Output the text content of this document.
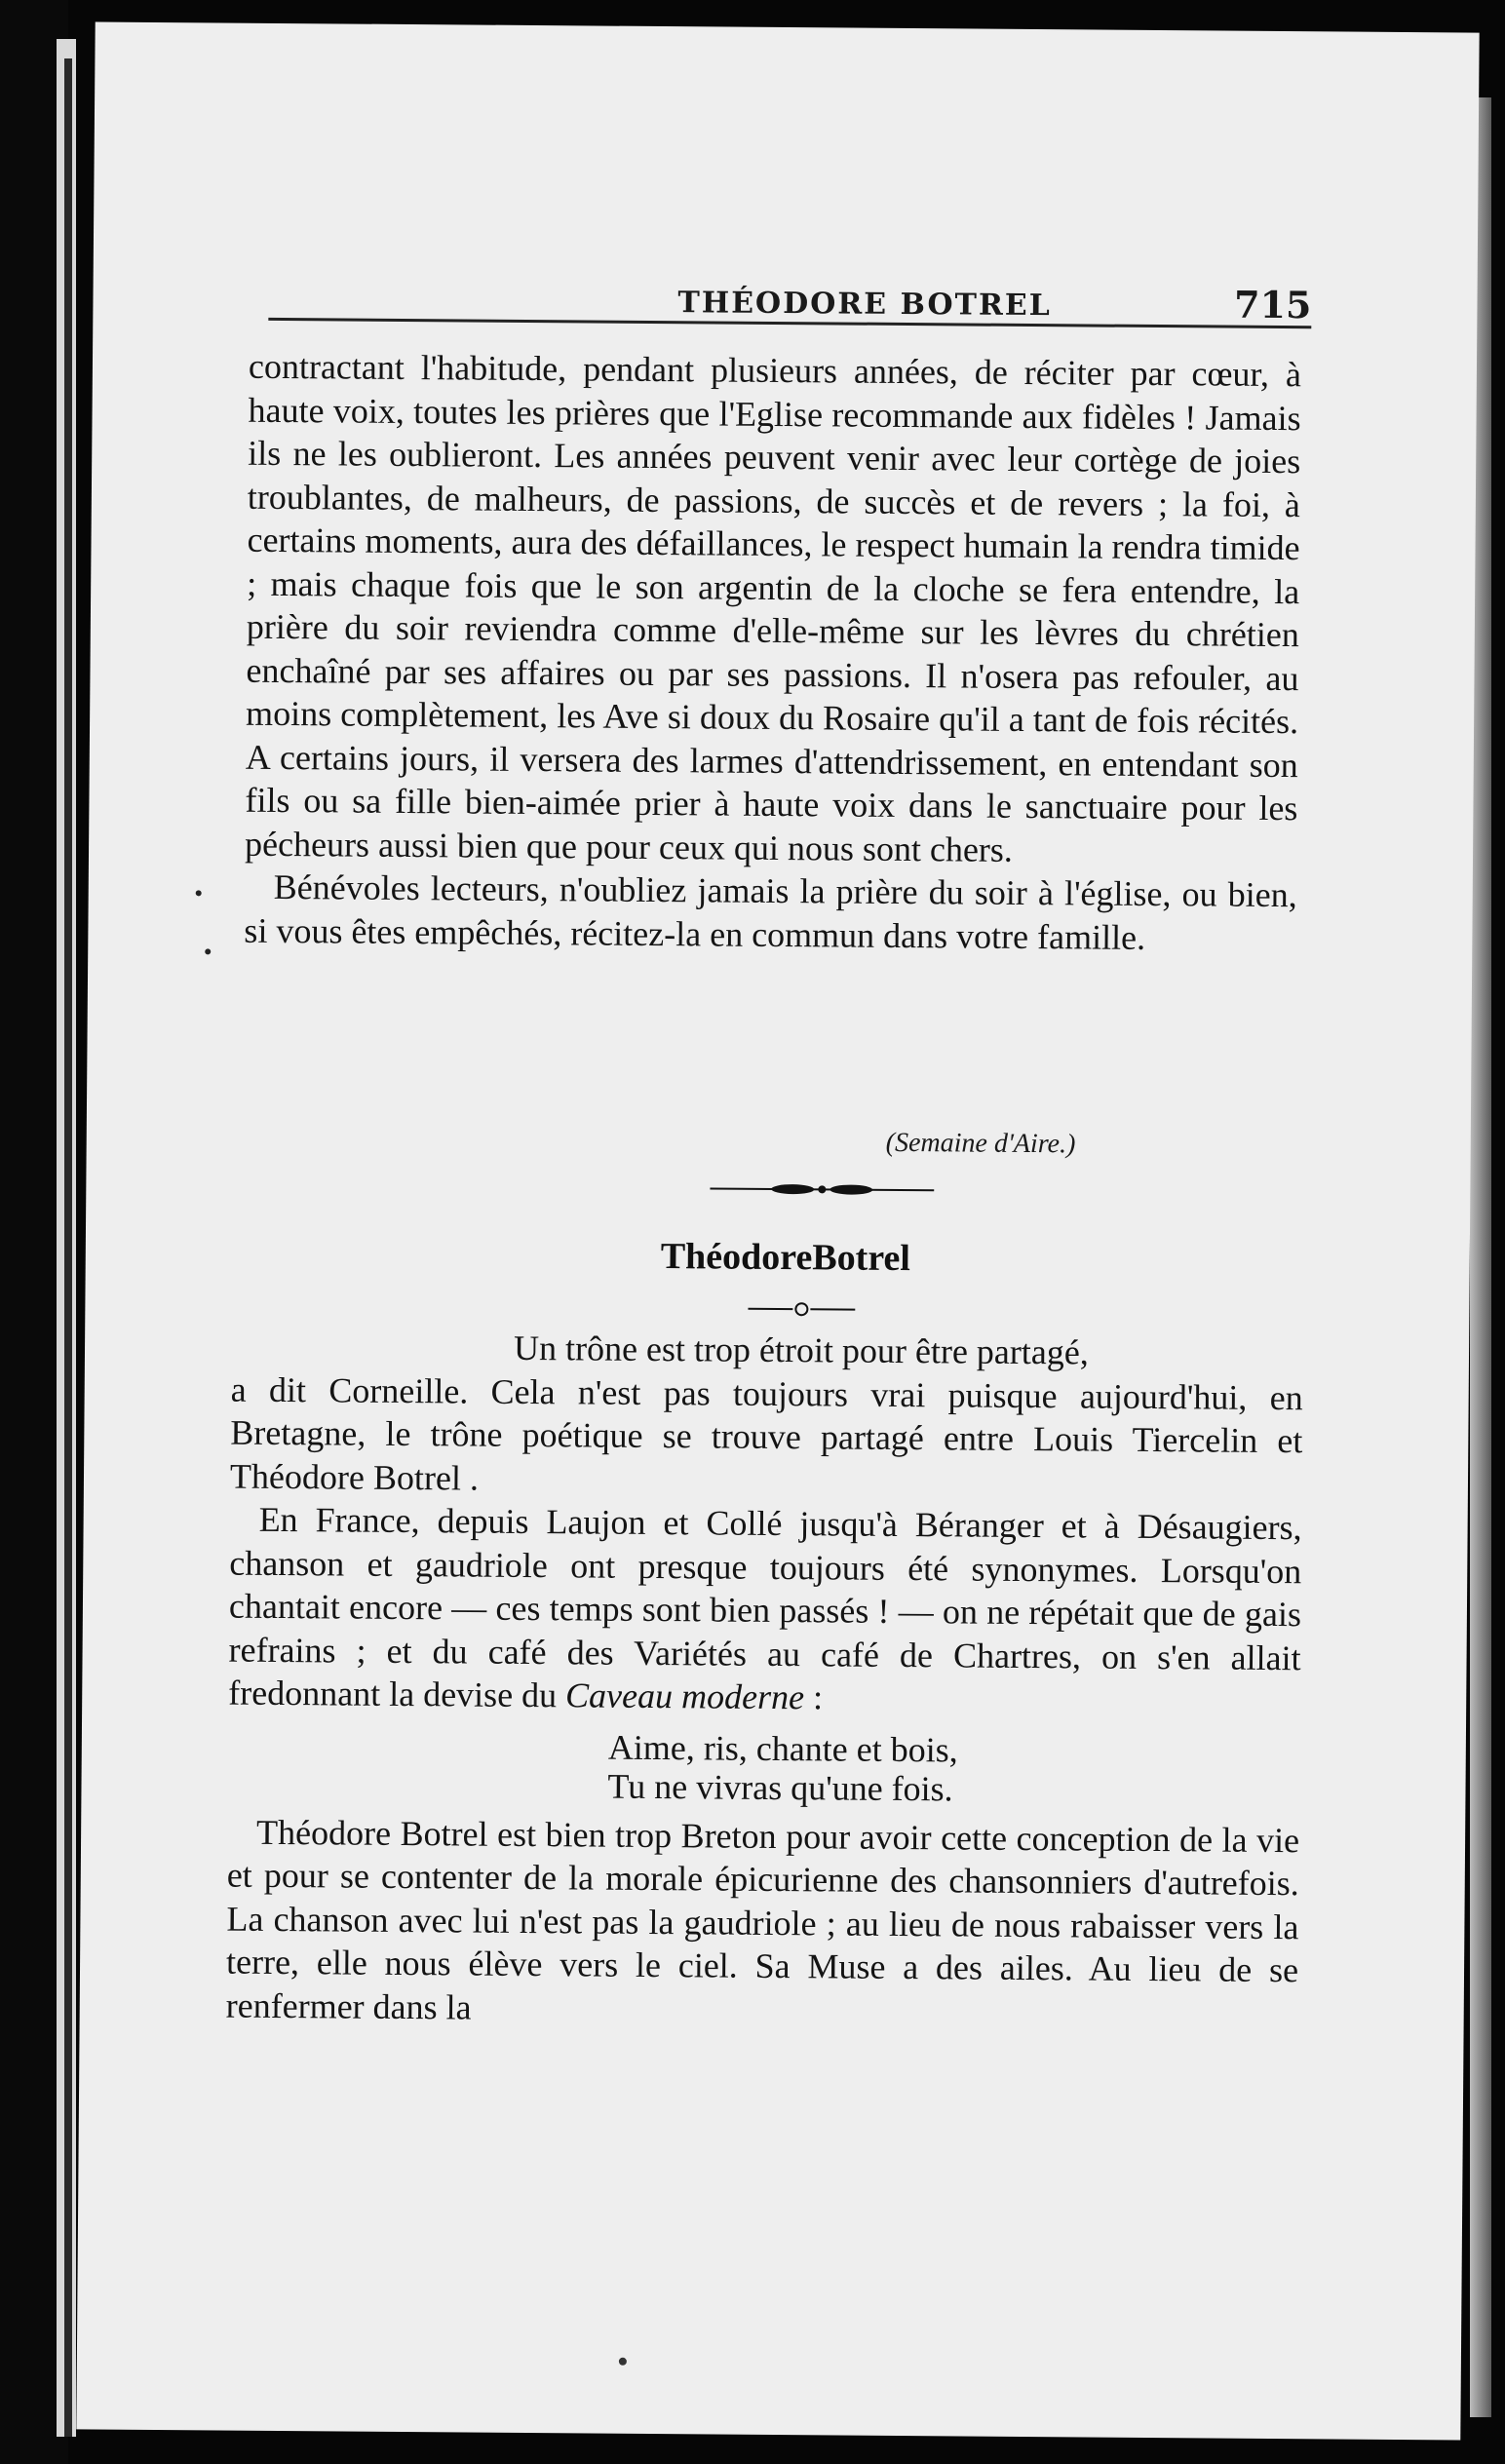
THÉODORE BOTREL	715

contractant l'habitude, pendant plusieurs années, de réciter par cœur, à haute voix, toutes les prières que l'Eglise recommande aux fidèles ! Jamais ils ne les oublieront. Les années peuvent venir avec leur cortège de joies troublantes, de malheurs, de passions, de succès et de revers ; la foi, à certains moments, aura des défaillances, le respect humain la rendra timide ; mais chaque fois que le son argentin de la cloche se fera entendre, la prière du soir reviendra comme d'elle-même sur les lèvres du chrétien enchaîné par ses affaires ou par ses passions. Il n'osera pas refouler, au moins complètement, les Ave si doux du Rosaire qu'il a tant de fois récités. A certains jours, il versera des larmes d'attendrissement, en entendant son fils ou sa fille bien-aimée prier à haute voix dans le sanctuaire pour les pécheurs aussi bien que pour ceux qui nous sont chers.

Bénévoles lecteurs, n'oubliez jamais la prière du soir à l'église, ou bien, si vous êtes empêchés, récitez-la en commun dans votre famille.

(Semaine d'Aire.)
ThéodoreBotrel

Un trône est trop étroit pour être partagé,

a dit Corneille. Cela n'est pas toujours vrai puisque aujourd'hui, en Bretagne, le trône poétique se trouve partagé entre Louis Tiercelin et Théodore Botrel .

En France, depuis Laujon et Collé jusqu'à Béranger et à Désaugiers, chanson et gaudriole ont presque toujours été synonymes. Lorsqu'on chantait encore — ces temps sont bien passés ! — on ne répétait que de gais refrains ; et du café des Variétés au café de Chartres, on s'en allait fredonnant la devise du Caveau moderne :

Aime, ris, chante et bois,
Tu ne vivras qu'une fois.

Théodore Botrel est bien trop Breton pour avoir cette conception de la vie et pour se contenter de la morale épicurienne des chansonniers d'autrefois. La chanson avec lui n'est pas la gaudriole ; au lieu de nous rabaisser vers la terre, elle nous élève vers le ciel. Sa Muse a des ailes. Au lieu de se renfermer dans la
